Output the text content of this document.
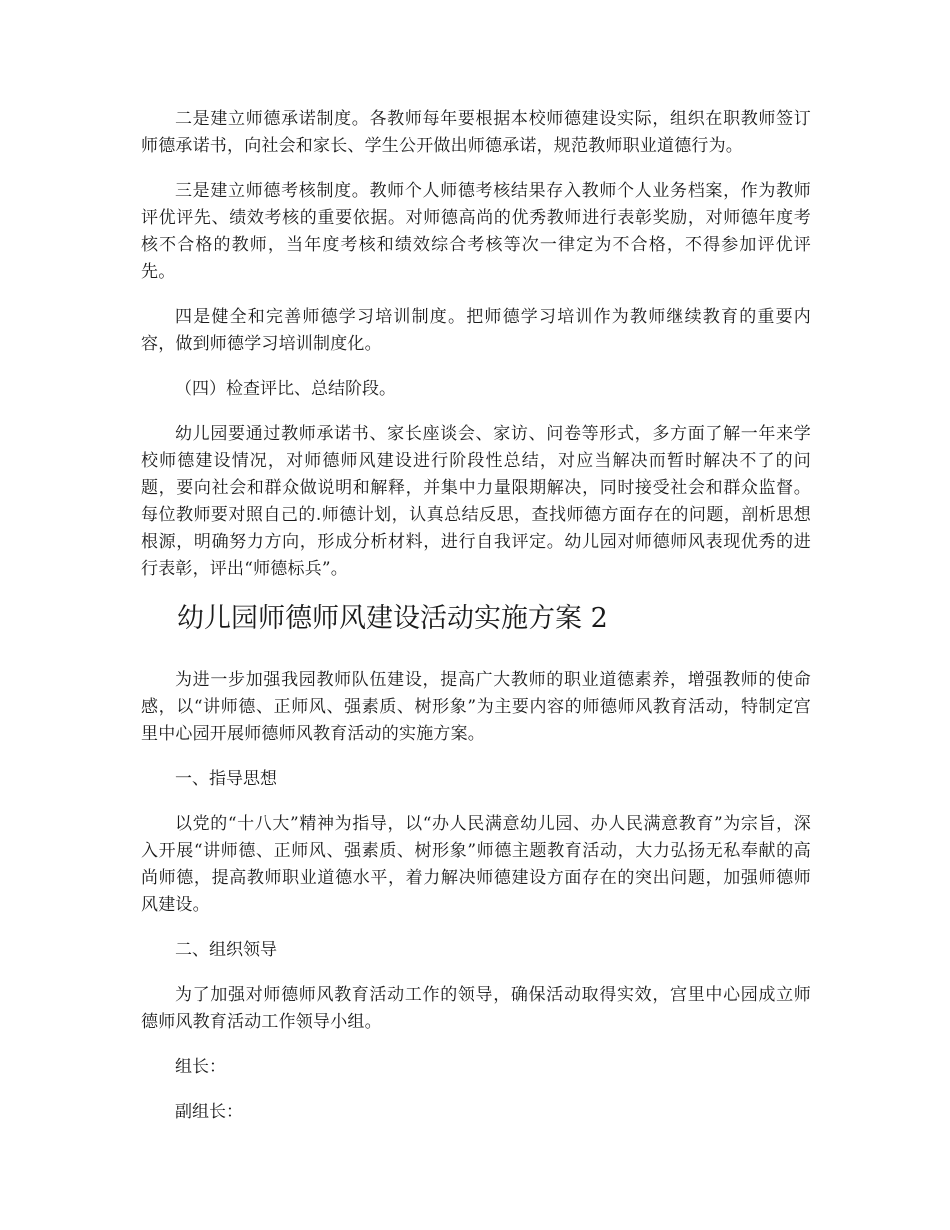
二是建立师德承诺制度。各教师每年要根据本校师德建设实际，组织在职教师签订师德承诺书，向社会和家长、学生公开做出师德承诺，规范教师职业道德行为。

三是建立师德考核制度。教师个人师德考核结果存入教师个人业务档案，作为教师评优评先、绩效考核的重要依据。对师德高尚的优秀教师进行表彰奖励，对师德年度考核不合格的教师，当年度考核和绩效综合考核等次一律定为不合格，不得参加评优评先。

四是健全和完善师德学习培训制度。把师德学习培训作为教师继续教育的重要内容，做到师德学习培训制度化。

（四）检查评比、总结阶段。

幼儿园要通过教师承诺书、家长座谈会、家访、问卷等形式，多方面了解一年来学校师德建设情况，对师德师风建设进行阶段性总结，对应当解决而暂时解决不了的问题，要向社会和群众做说明和解释，并集中力量限期解决，同时接受社会和群众监督。每位教师要对照自己的.师德计划，认真总结反思，查找师德方面存在的问题，剖析思想根源，明确努力方向，形成分析材料，进行自我评定。幼儿园对师德师风表现优秀的进行表彰，评出“师德标兵”。

幼儿园师德师风建设活动实施方案 2

为进一步加强我园教师队伍建设，提高广大教师的职业道德素养，增强教师的使命感，以“讲师德、正师风、强素质、树形象”为主要内容的师德师风教育活动，特制定宫里中心园开展师德师风教育活动的实施方案。

一、指导思想

以党的“十八大”精神为指导，以“办人民满意幼儿园、办人民满意教育”为宗旨，深入开展“讲师德、正师风、强素质、树形象”师德主题教育活动，大力弘扬无私奉献的高尚师德，提高教师职业道德水平，着力解决师德建设方面存在的突出问题，加强师德师风建设。

二、组织领导

为了加强对师德师风教育活动工作的领导，确保活动取得实效，宫里中心园成立师德师风教育活动工作领导小组。

组长：

副组长：
